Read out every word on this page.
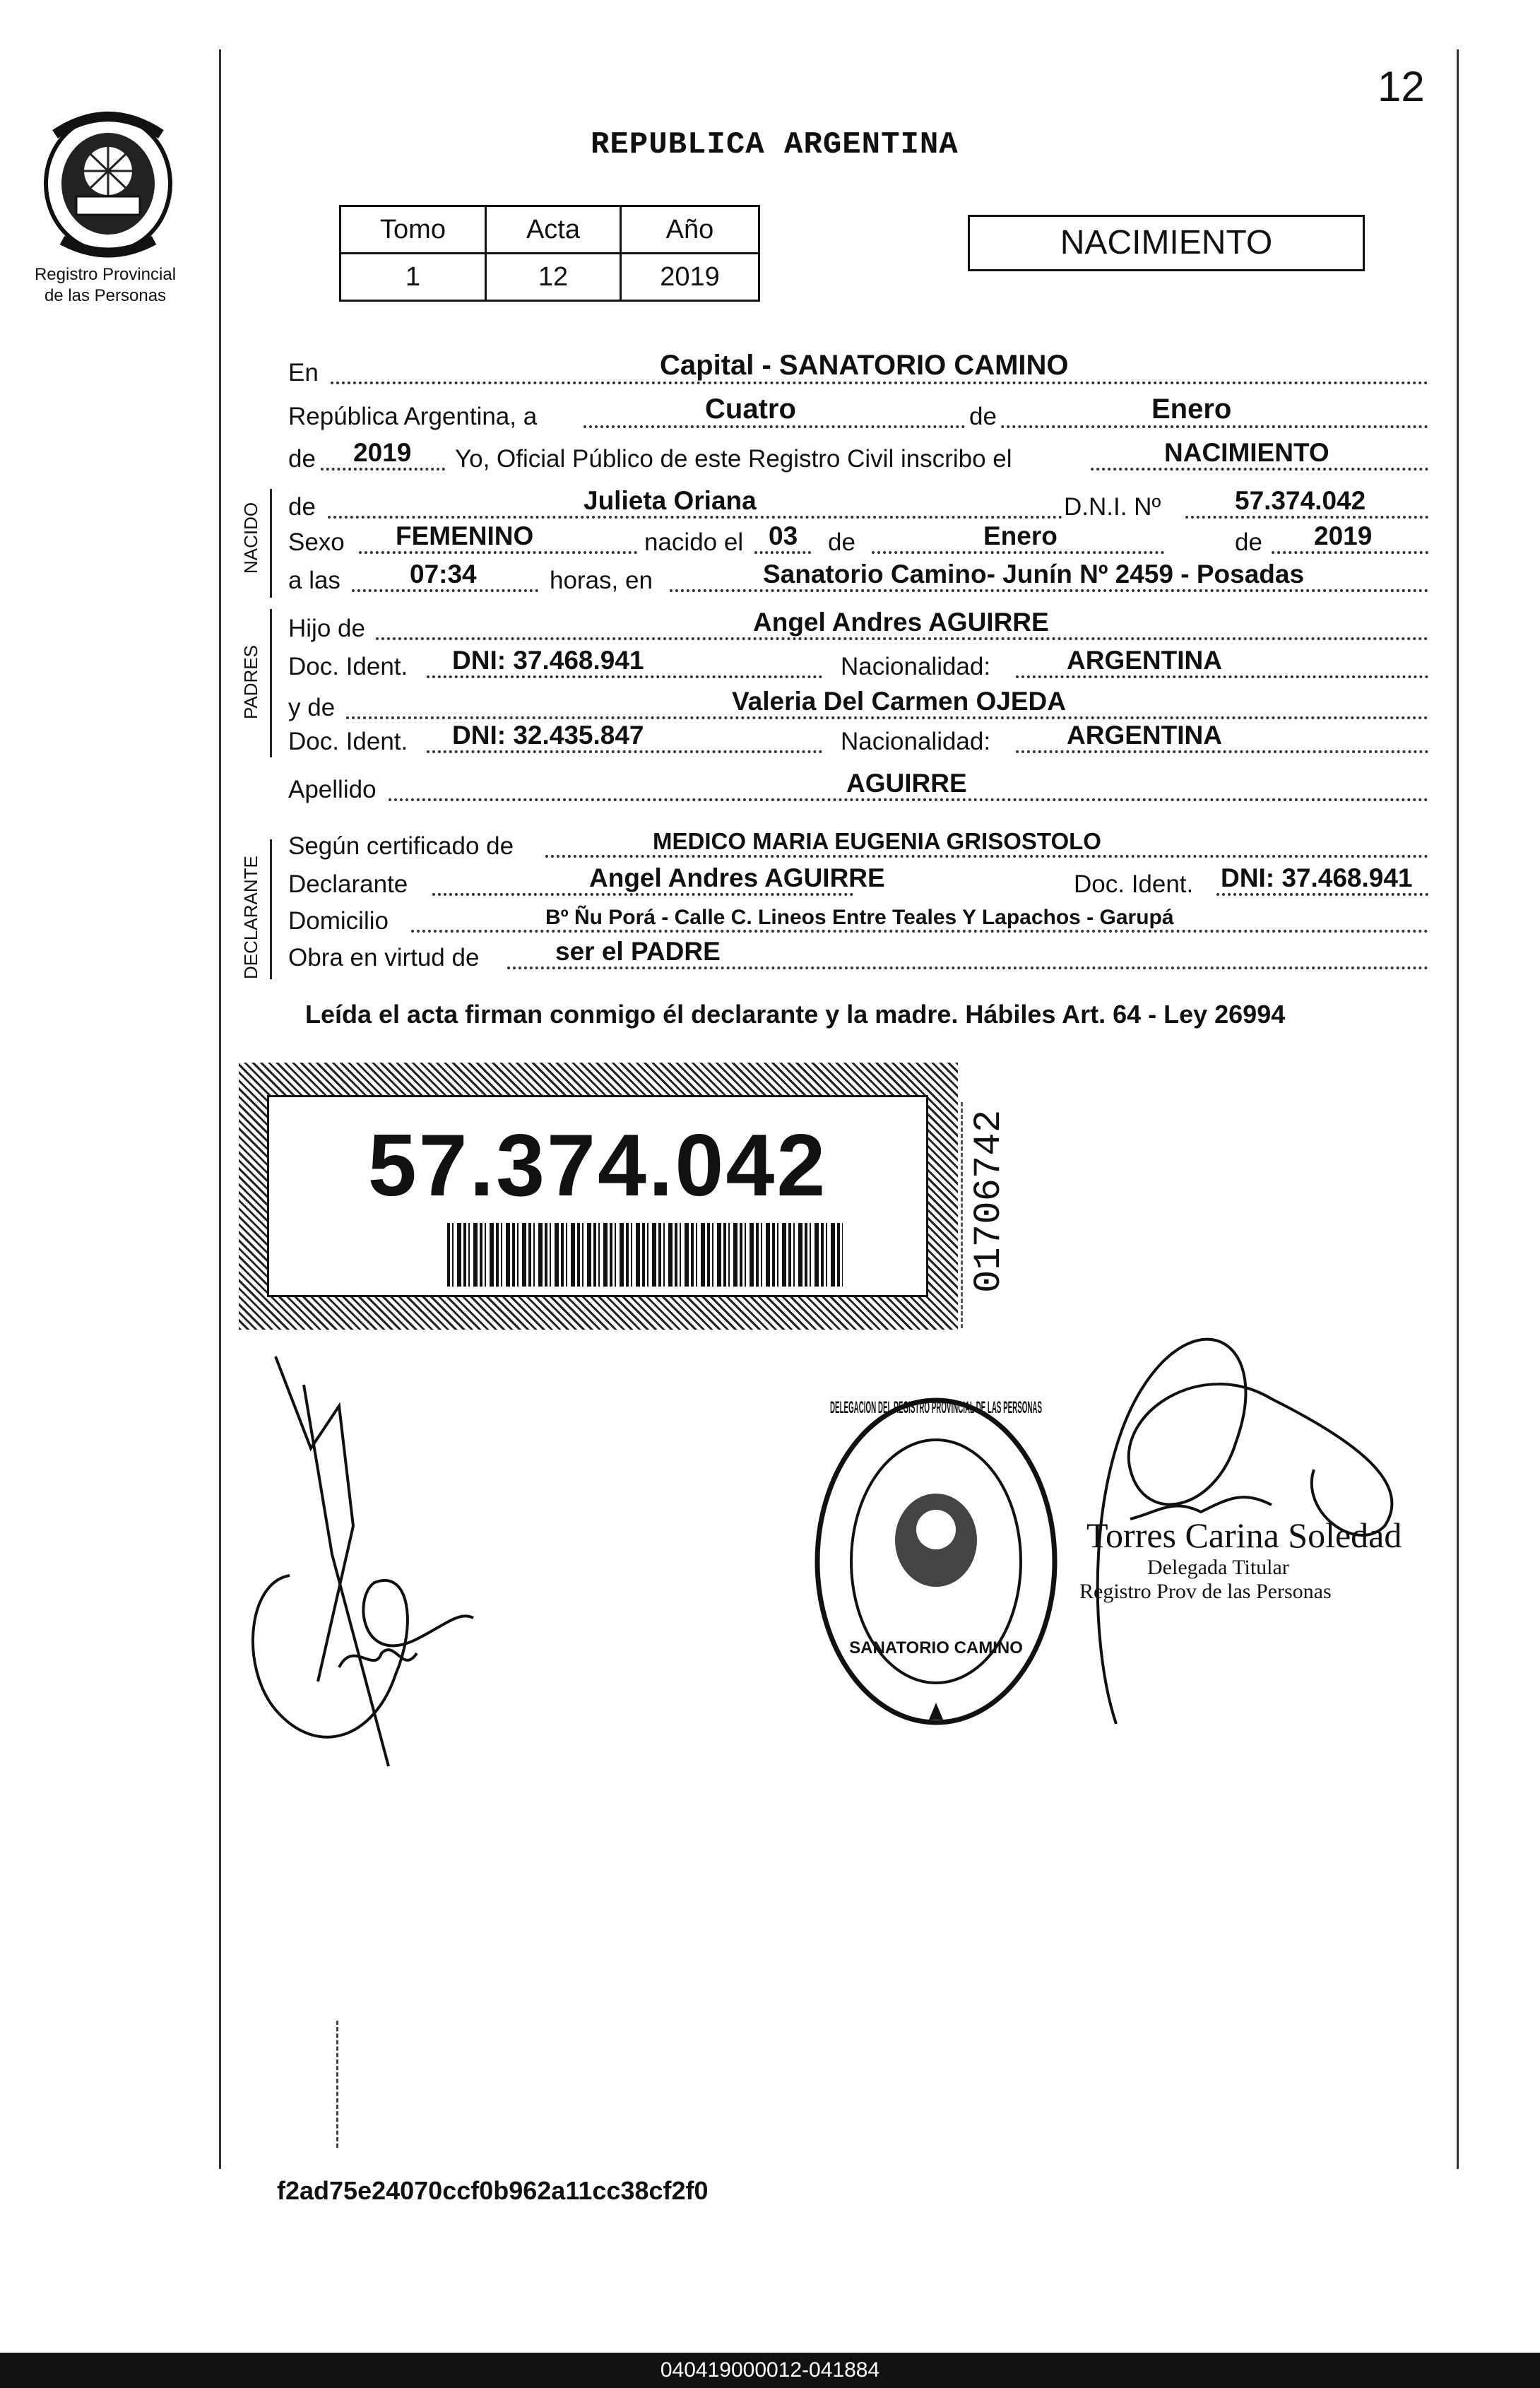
12
Registro Provincial
de las Personas
REPUBLICA ARGENTINA
Tomo	Acta	Año
1	12	2019
NACIMIENTO
En	Capital - SANATORIO CAMINO
República Argentina, a	Cuatro	de	Enero
de 2019 Yo, Oficial Público de este Registro Civil inscribo el	NACIMIENTO
NACIDO de	Julieta Oriana	D.N.I. Nº	57.374.042
Sexo FEMENINO	nacido el 03 de	Enero	de 2019
a las	07:34	horas, en	Sanatorio Camino- Junín Nº 2459 - Posadas
PADRES
Hijo de	Angel Andres AGUIRRE
Doc. Ident. DNI: 37.468.941	Nacionalidad:	ARGENTINA
y de	Valeria Del Carmen OJEDA
Doc. Ident. DNI: 32.435.847	Nacionalidad:	ARGENTINA
Apellido	AGUIRRE
DECLARANTE
Según certificado de	MEDICO MARIA EUGENIA GRISOSTOLO
Declarante	Angel Andres AGUIRRE	Doc. Ident. DNI: 37.468.941
Domicilio	Bº Ñu Porá - Calle C. Lineos Entre Teales Y Lapachos - Garupá
Obra en virtud de	ser el PADRE
Leída el acta firman conmigo él declarante y la madre. Hábiles Art. 64 - Ley 26994
57.374.042	01706742
DELEGACION DEL REGISTRO PROVINCIAL DE LAS PERSONAS
SANATORIO CAMINO
Torres Carina Soledad
Delegada Titular
Registro Prov de las Personas
f2ad75e24070ccf0b962a11cc38cf2f0
040419000012-041884
